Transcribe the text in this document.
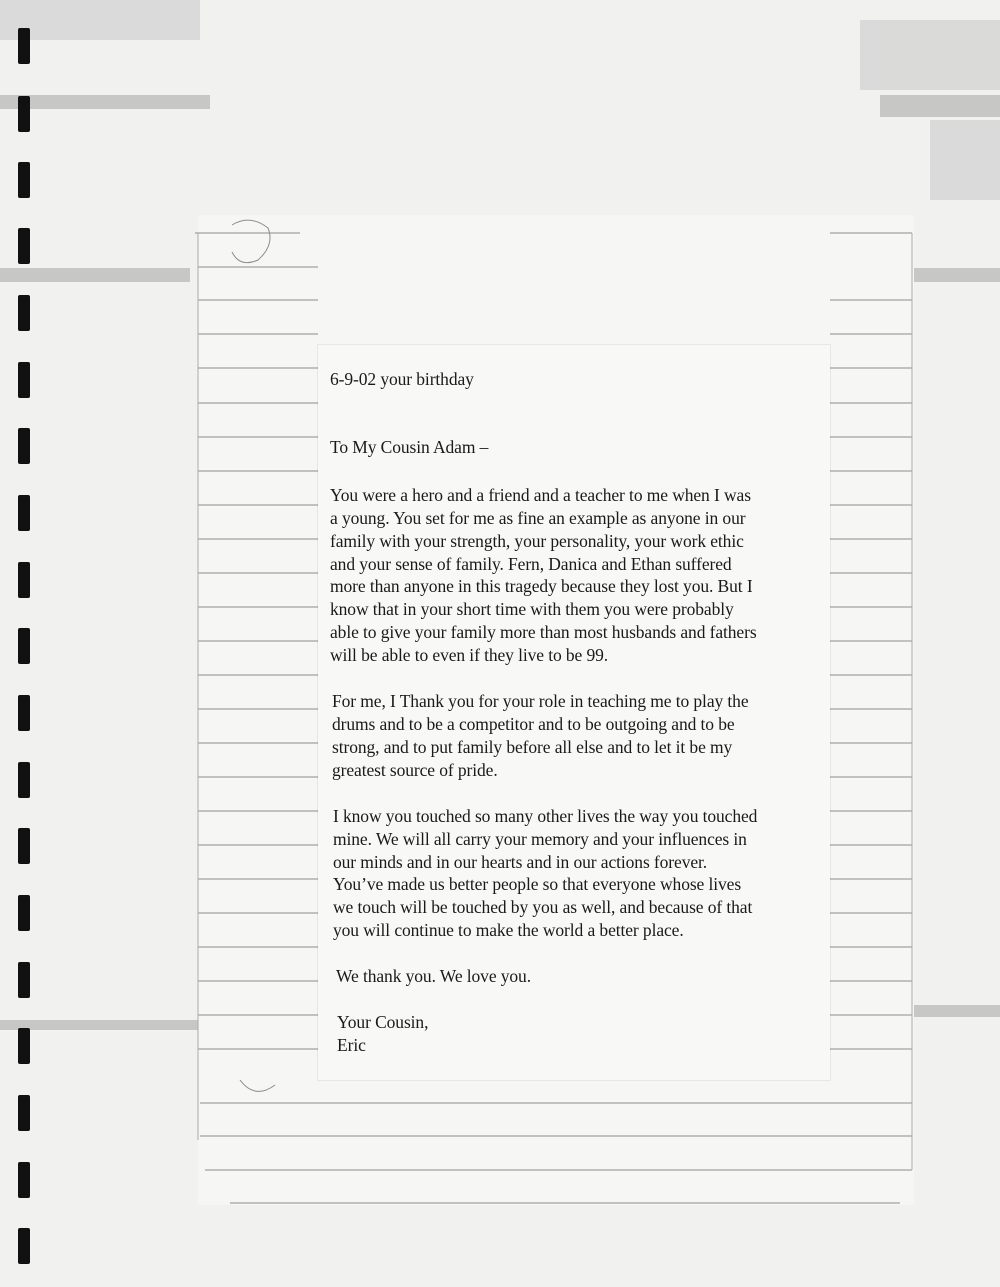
6-9-02 your birthday

To My Cousin Adam –

You were a hero and a friend and a teacher to me when I was
a young. You set for me as fine an example as anyone in our
family with your strength, your personality, your work ethic
and your sense of family. Fern, Danica and Ethan suffered
more than anyone in this tragedy because they lost you. But I
know that in your short time with them you were probably
able to give your family more than most husbands and fathers
will be able to even if they live to be 99.

For me, I Thank you for your role in teaching me to play the
drums and to be a competitor and to be outgoing and to be
strong, and to put family before all else and to let it be my
greatest source of pride.

I know you touched so many other lives the way you touched
mine. We will all carry your memory and your influences in
our minds and in our hearts and in our actions forever.
You’ve made us better people so that everyone whose lives
we touch will be touched by you as well, and because of that
you will continue to make the world a better place.

We thank you. We love you.

Your Cousin,

Eric
